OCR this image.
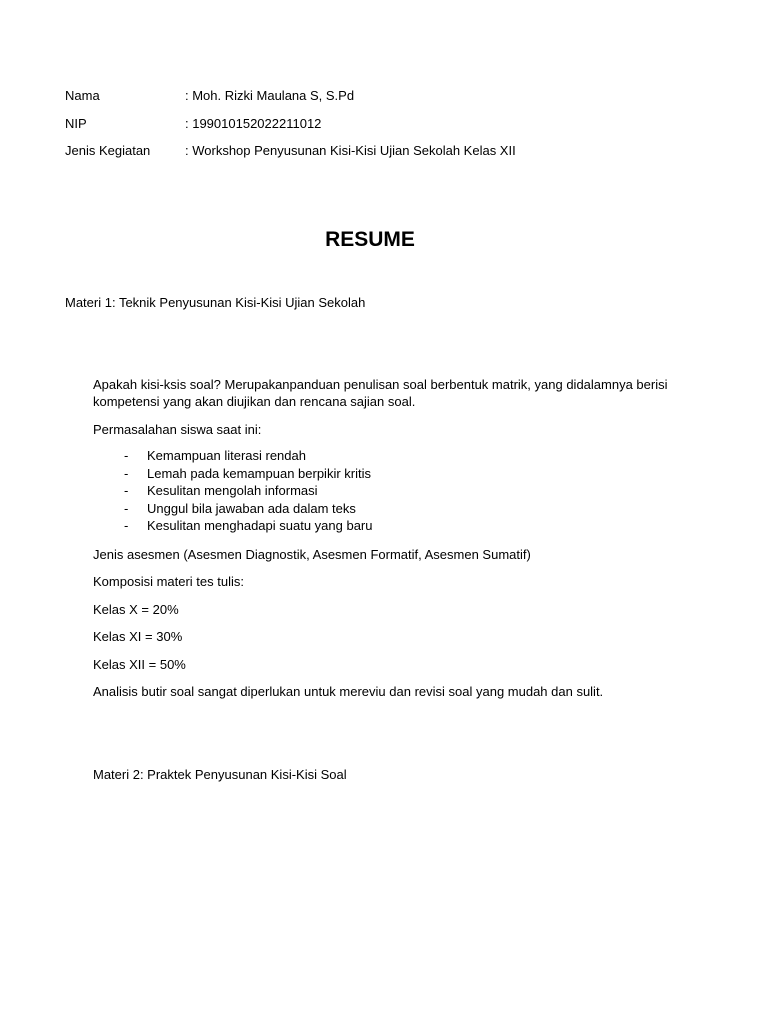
Nama	: Moh. Rizki Maulana S, S.Pd
NIP	: 199010152022211012
Jenis Kegiatan	: Workshop Penyusunan Kisi-Kisi Ujian Sekolah Kelas XII
RESUME
Materi 1: Teknik Penyusunan Kisi-Kisi Ujian Sekolah
Apakah kisi-ksis soal? Merupakanpanduan penulisan soal berbentuk matrik, yang didalamnya berisi kompetensi yang akan diujikan dan rencana sajian soal.
Permasalahan siswa saat ini:
- Kemampuan literasi rendah
- Lemah pada kemampuan berpikir kritis
- Kesulitan mengolah informasi
- Unggul bila jawaban ada dalam teks
- Kesulitan menghadapi suatu yang baru
Jenis asesmen (Asesmen Diagnostik, Asesmen Formatif, Asesmen Sumatif)
Komposisi materi tes tulis:
Kelas X = 20%
Kelas XI = 30%
Kelas XII = 50%
Analisis butir soal sangat diperlukan untuk mereviu dan revisi soal yang mudah dan sulit.
Materi 2: Praktek Penyusunan Kisi-Kisi Soal
